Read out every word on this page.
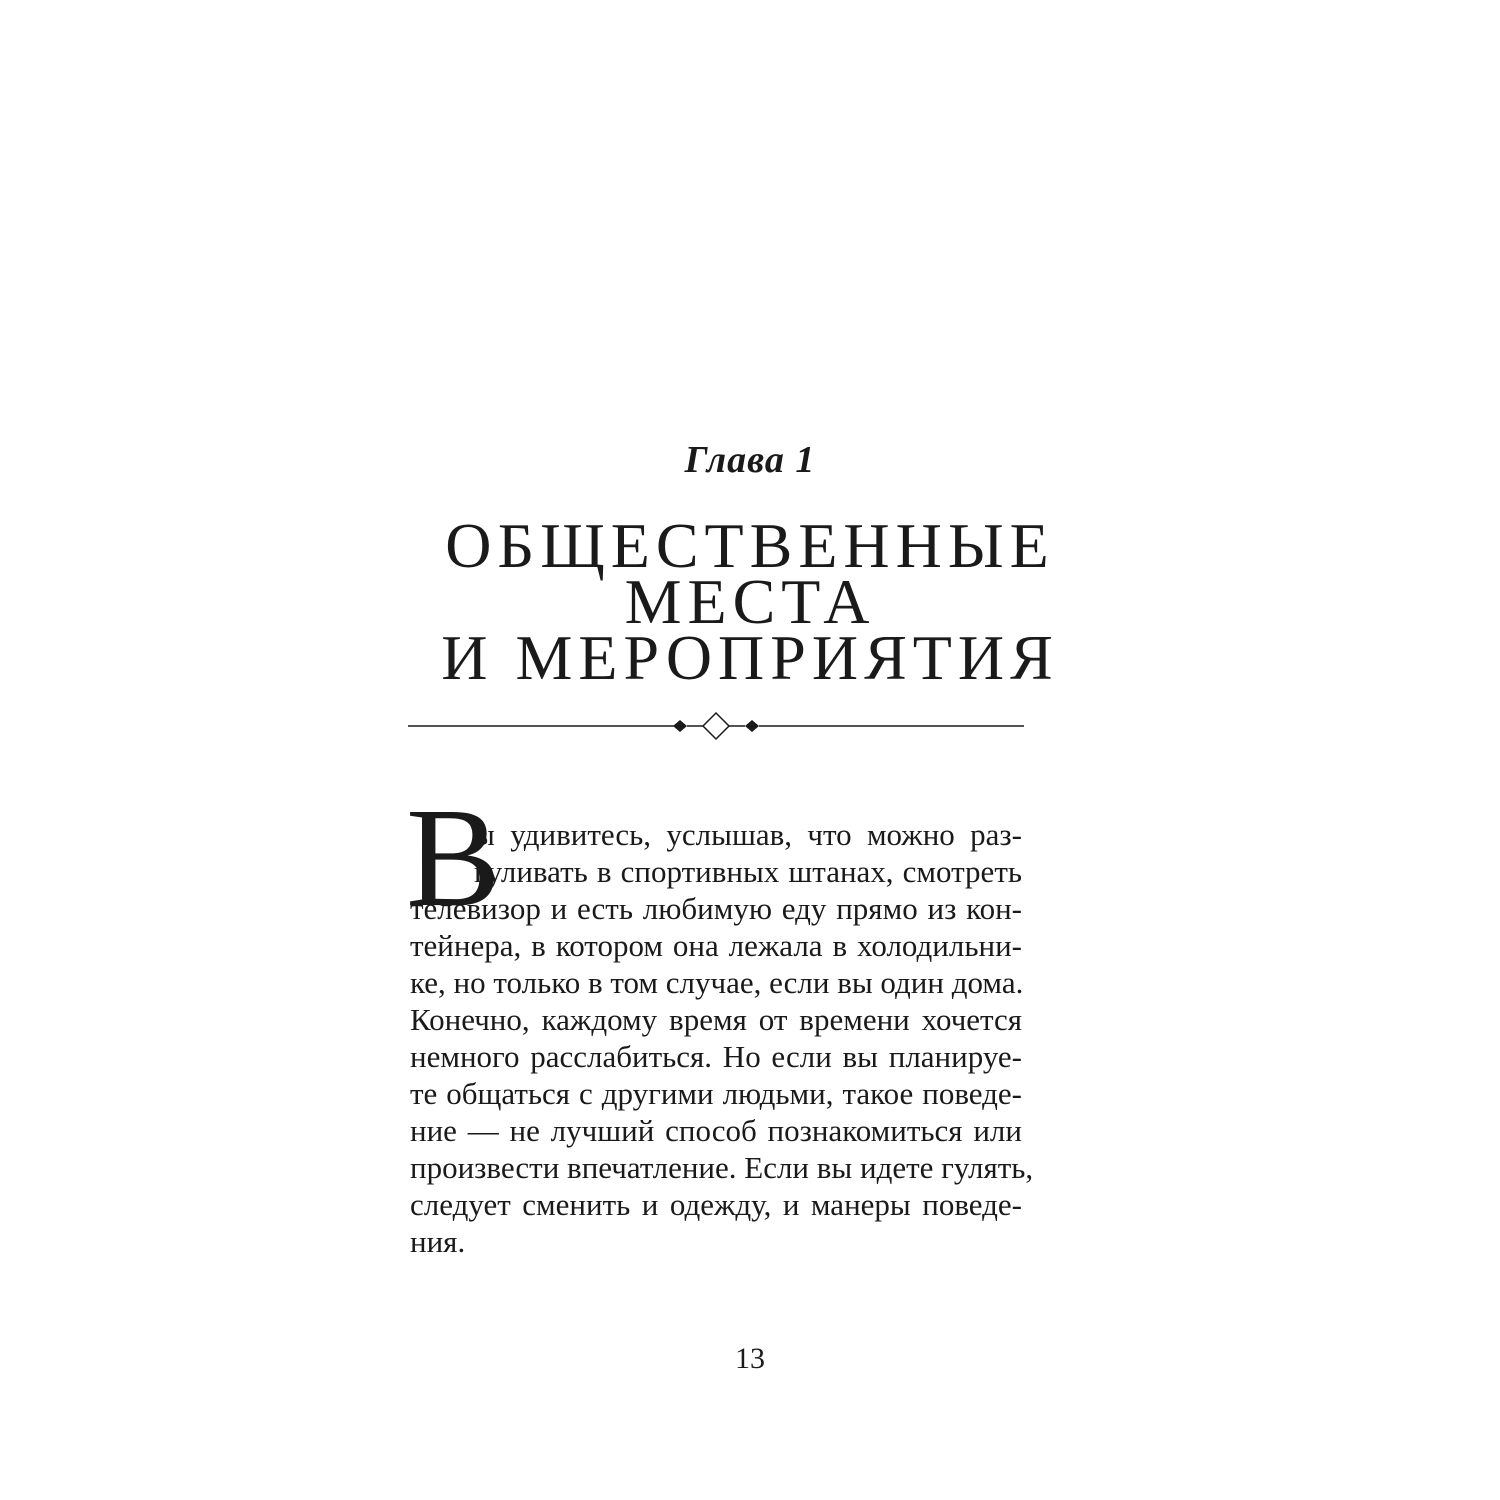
Глава 1
ОБЩЕСТВЕННЫЕ
МЕСТА
И МЕРОПРИЯТИЯ
В
ы удивитесь, услышав, что можно раз-
гуливать в спортивных штанах, смотреть
телевизор и есть любимую еду прямо из кон-
тейнера, в котором она лежала в холодильни-
ке, но только в том случае, если вы один дома.
Конечно, каждому время от времени хочется
немного расслабиться. Но если вы планируе-
те общаться с другими людьми, такое поведе-
ние — не лучший способ познакомиться или
произвести впечатление. Если вы идете гулять,
следует сменить и одежду, и манеры поведе-
ния.
13
